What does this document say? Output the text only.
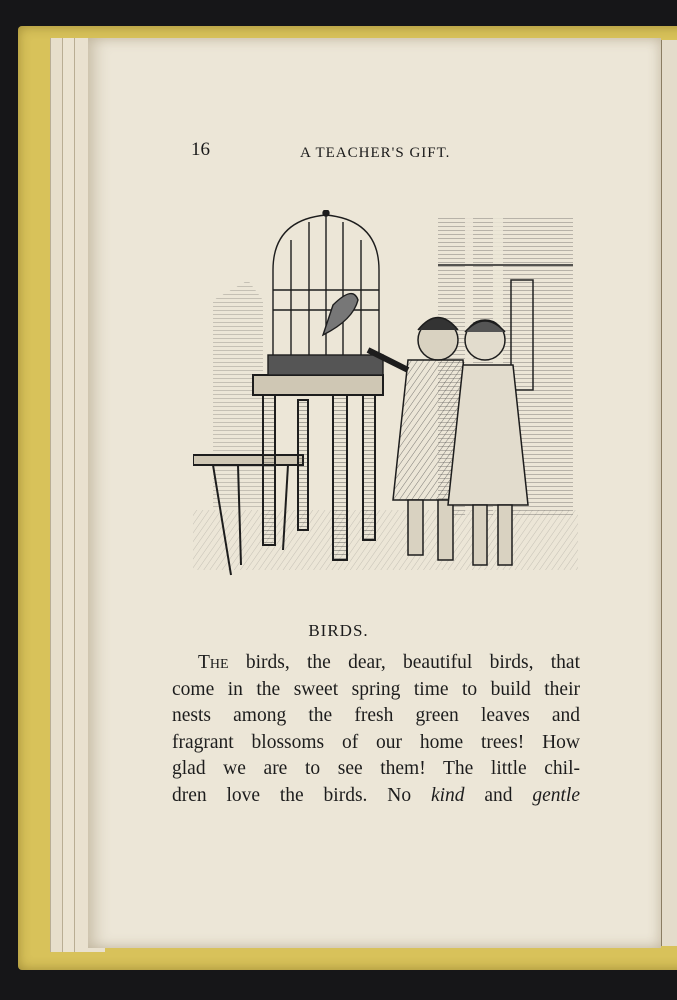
16	A TEACHER'S GIFT.
BIRDS.
The birds, the dear, beautiful birds, that
come in the sweet spring time to build their
nests among the fresh green leaves and
fragrant blossoms of our home trees! How
glad we are to see them! The little chil-
dren love the birds. No kind and gentle
